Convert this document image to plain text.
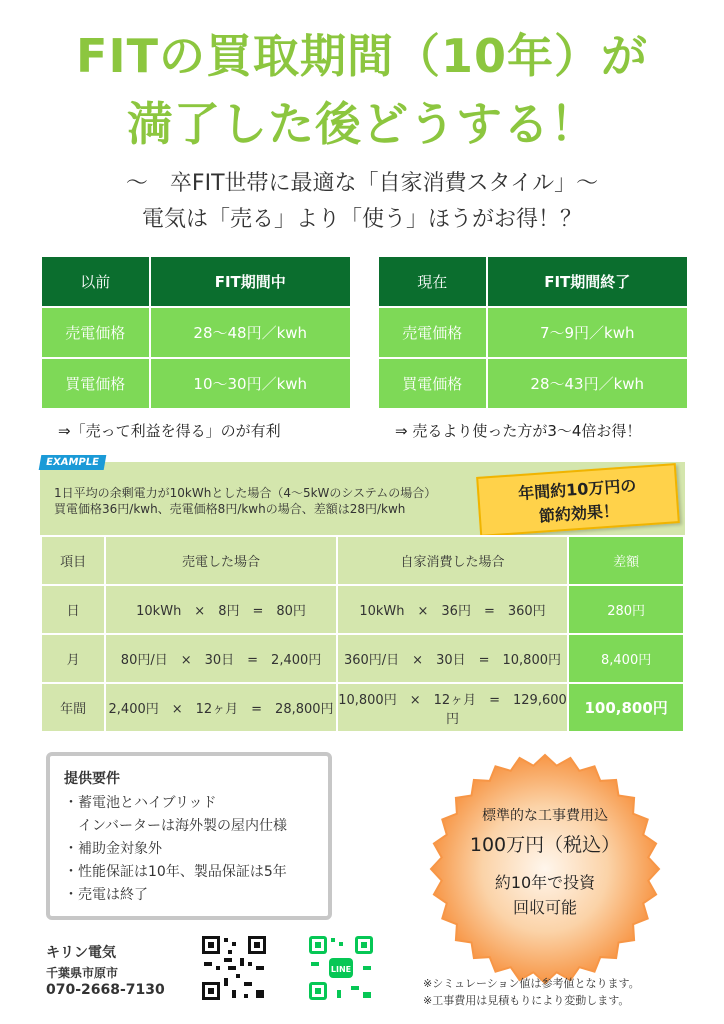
FITの買取期間（10年）が
満了した後どうする！
～　卒FIT世帯に最適な「自家消費スタイル」～
電気は「売る」より「使う」ほうがお得！？
以前	FIT期間中
売電価格	28～48円／kwh
買電価格	10～30円／kwh
現在	FIT期間終了
売電価格	7～9円／kwh
買電価格	28～43円／kwh
⇒「売って利益を得る」のが有利	⇒ 売るより使った方が3～4倍お得！
EXAMPLE
1日平均の余剰電力が10kWhとした場合（4～5kWのシステムの場合）
買電価格36円/kwh、売電価格8円/kwhの場合、差額は28円/kwh
年間約10万円の
節約効果！
項目	売電した場合	自家消費した場合	差額
日	10kWh　×　8円　=　80円	10kWh　×　36円　=　360円	280円
月	80円/日　×　30日　=　2,400円	360円/日　×　30日　=　10,800円	8,400円
年間	2,400円　×　12ヶ月　=　28,800円	10,800円　×　12ヶ月　=　129,600円	100,800円
提供要件
・蓄電池とハイブリッド
　インバーターは海外製の屋内仕様
・補助金対象外
・性能保証は10年、製品保証は5年
・売電は終了
標準的な工事費用込
100万円（税込）
約10年で投資
回収可能
キリン電気
千葉県市原市
070-2668-7130
LINE
※シミュレーション値は参考値となります。
※工事費用は見積もりにより変動します。
